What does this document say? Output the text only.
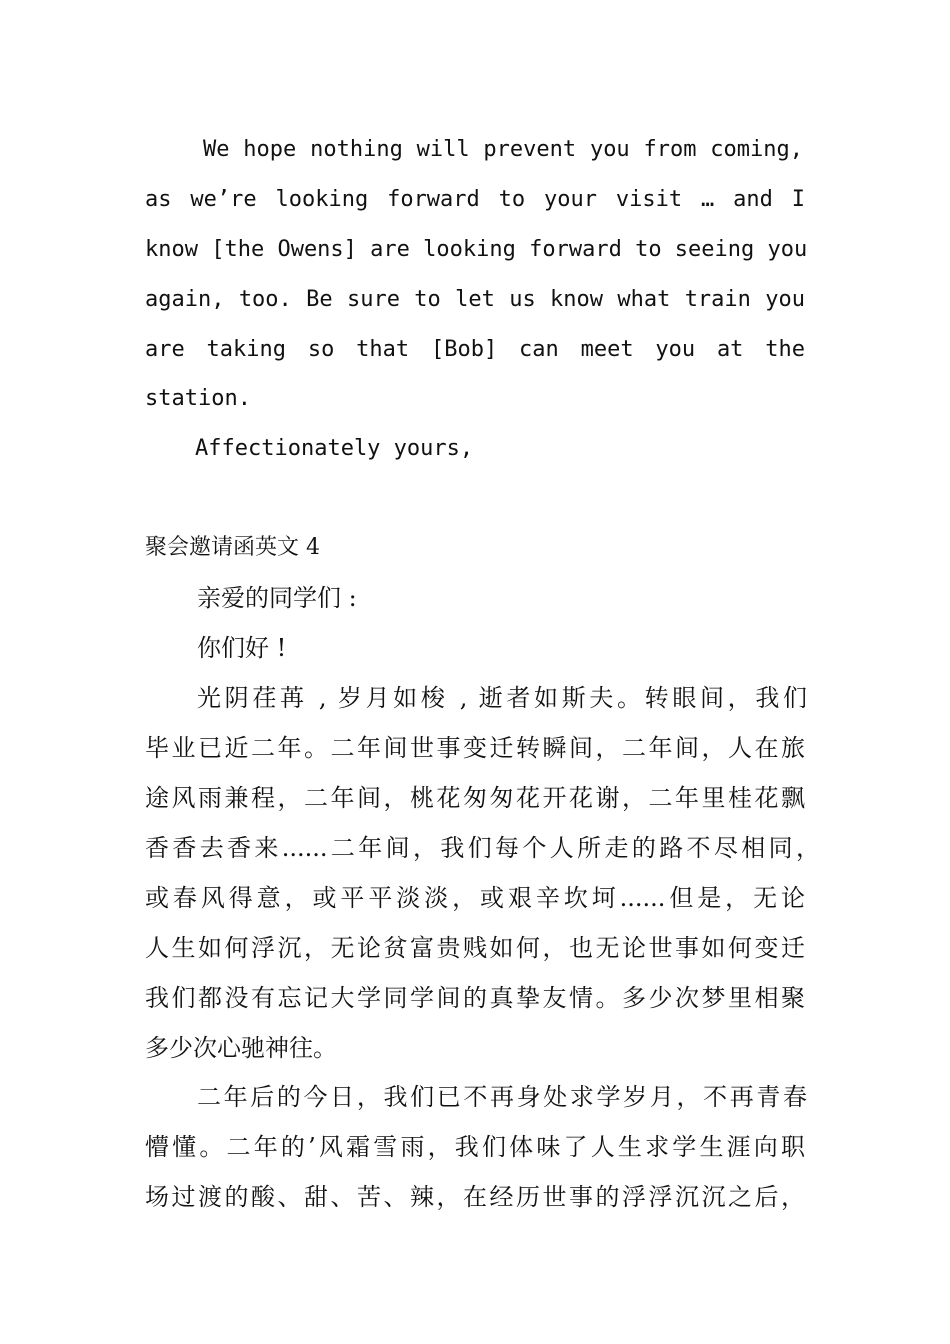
We hope nothing will prevent you from coming,
as we’re looking forward to your visit … and I
know [the Owens] are looking forward to seeing you
again, too. Be sure to let us know what train you
are taking so that [Bob] can meet you at the
station.
Affectionately yours,
聚会邀请函英文 4
亲爱的同学们 :
你们好 !
光阴荏苒 , 岁月如梭 , 逝者如斯夫。转眼间，我们
毕业已近二年。二年间世事变迁转瞬间，二年间，人在旅
途风雨兼程，二年间，桃花匆匆花开花谢，二年里桂花飘
香香去香来......二年间，我们每个人所走的路不尽相同，
或春风得意，或平平淡淡，或艰辛坎坷......但是，无论
人生如何浮沉，无论贫富贵贱如何，也无论世事如何变迁
我们都没有忘记大学同学间的真挚友情。多少次梦里相聚
多少次心驰神往。
二年后的今日，我们已不再身处求学岁月，不再青春
懵懂。二年的’风霜雪雨，我们体味了人生求学生涯向职
场过渡的酸、甜、苦、辣，在经历世事的浮浮沉沉之后，
